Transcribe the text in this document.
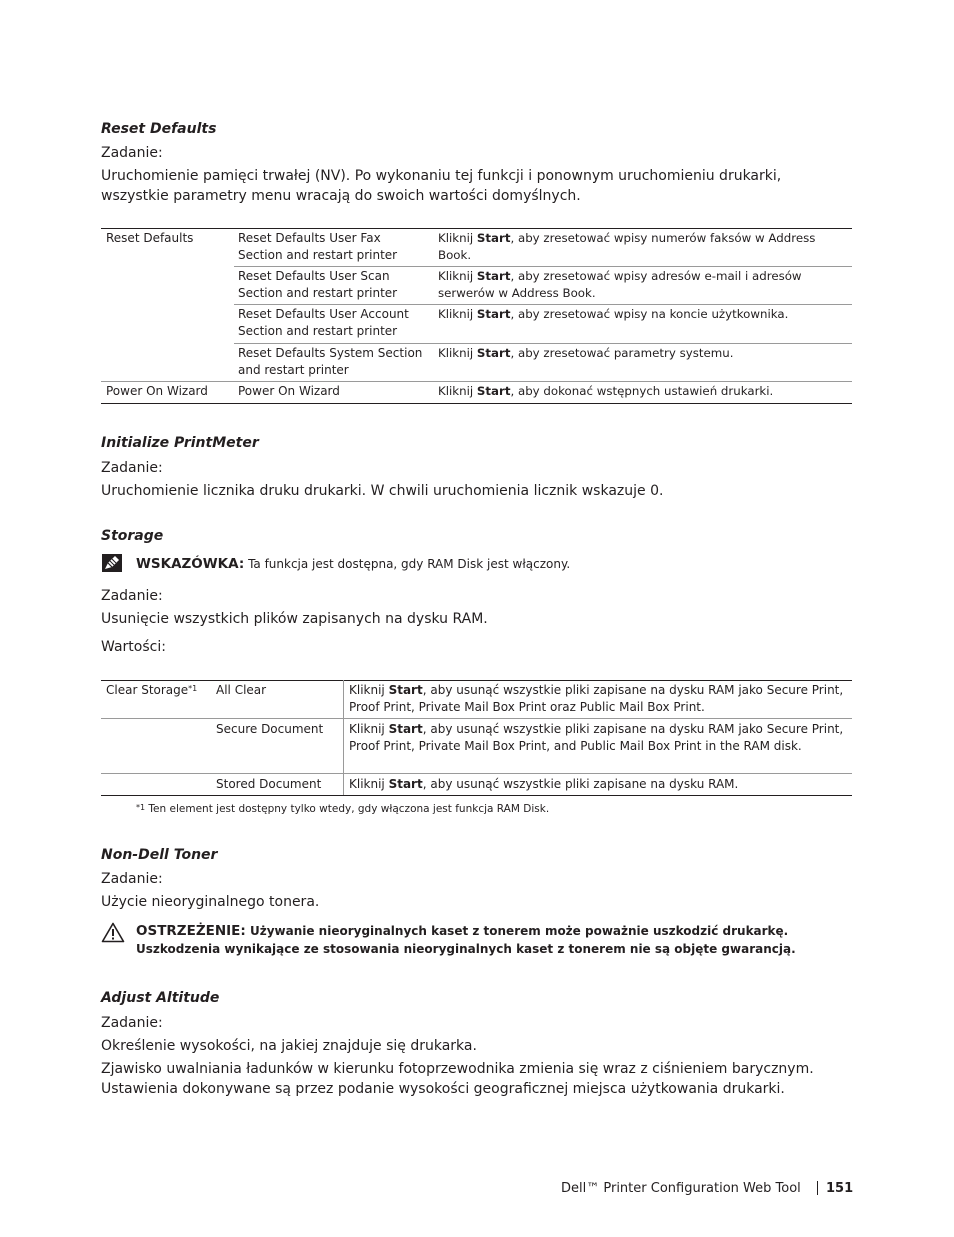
Reset Defaults
Zadanie:
Uruchomienie pamięci trwałej (NV). Po wykonaniu tej funkcji i ponownym uruchomieniu drukarki,
wszystkie parametry menu wracają do swoich wartości domyślnych.
Reset Defaults
Power On Wizard
Reset Defaults User Fax Section and restart printer
Reset Defaults User Scan Section and restart printer
Reset Defaults User Account Section and restart printer
Reset Defaults System Section and restart printer
Power On Wizard
Kliknij Start, aby zresetować wpisy numerów faksów w Address Book.
Kliknij Start, aby zresetować wpisy adresów e-mail i adresów serwerów w Address Book.
Kliknij Start, aby zresetować wpisy na koncie użytkownika.
Kliknij Start, aby zresetować parametry systemu.
Kliknij Start, aby dokonać wstępnych ustawień drukarki.
Initialize PrintMeter
Zadanie:
Uruchomienie licznika druku drukarki. W chwili uruchomienia licznik wskazuje 0.
Storage
WSKAZÓWKA: Ta funkcja jest dostępna, gdy RAM Disk jest włączony.
Zadanie:
Usunięcie wszystkich plików zapisanych na dysku RAM.
Wartości:
Clear Storage$^{*1}$ All Clear
Secure Document
Stored Document
Kliknij Start, aby usunąć wszystkie pliki zapisane na dysku RAM jako Secure Print, Proof Print, Private Mail Box Print oraz Public Mail Box Print.
Kliknij Start, aby usunąć wszystkie pliki zapisane na dysku RAM jako Secure Print, Proof Print, Private Mail Box Print, and Public Mail Box Print in the RAM disk.
Kliknij Start, aby usunąć wszystkie pliki zapisane na dysku RAM.
$^{*1}$ Ten element jest dostępny tylko wtedy, gdy włączona jest funkcja RAM Disk.
Non-Dell Toner
Zadanie:
Użycie nieoryginalnego tonera.
OSTRZEŻENIE: Używanie nieoryginalnych kaset z tonerem może poważnie uszkodzić drukarkę.
Uszkodzenia wynikające ze stosowania nieoryginalnych kaset z tonerem nie są objęte gwarancją.
Adjust Altitude
Zadanie:
Określenie wysokości, na jakiej znajduje się drukarka.
Zjawisko uwalniania ładunków w kierunku fotoprzewodnika zmienia się wraz z ciśnieniem barycznym.
Ustawienia dokonywane są przez podanie wysokości geograficznej miejsca użytkowania drukarki.
Dell™ Printer Configuration Web Tool 151
